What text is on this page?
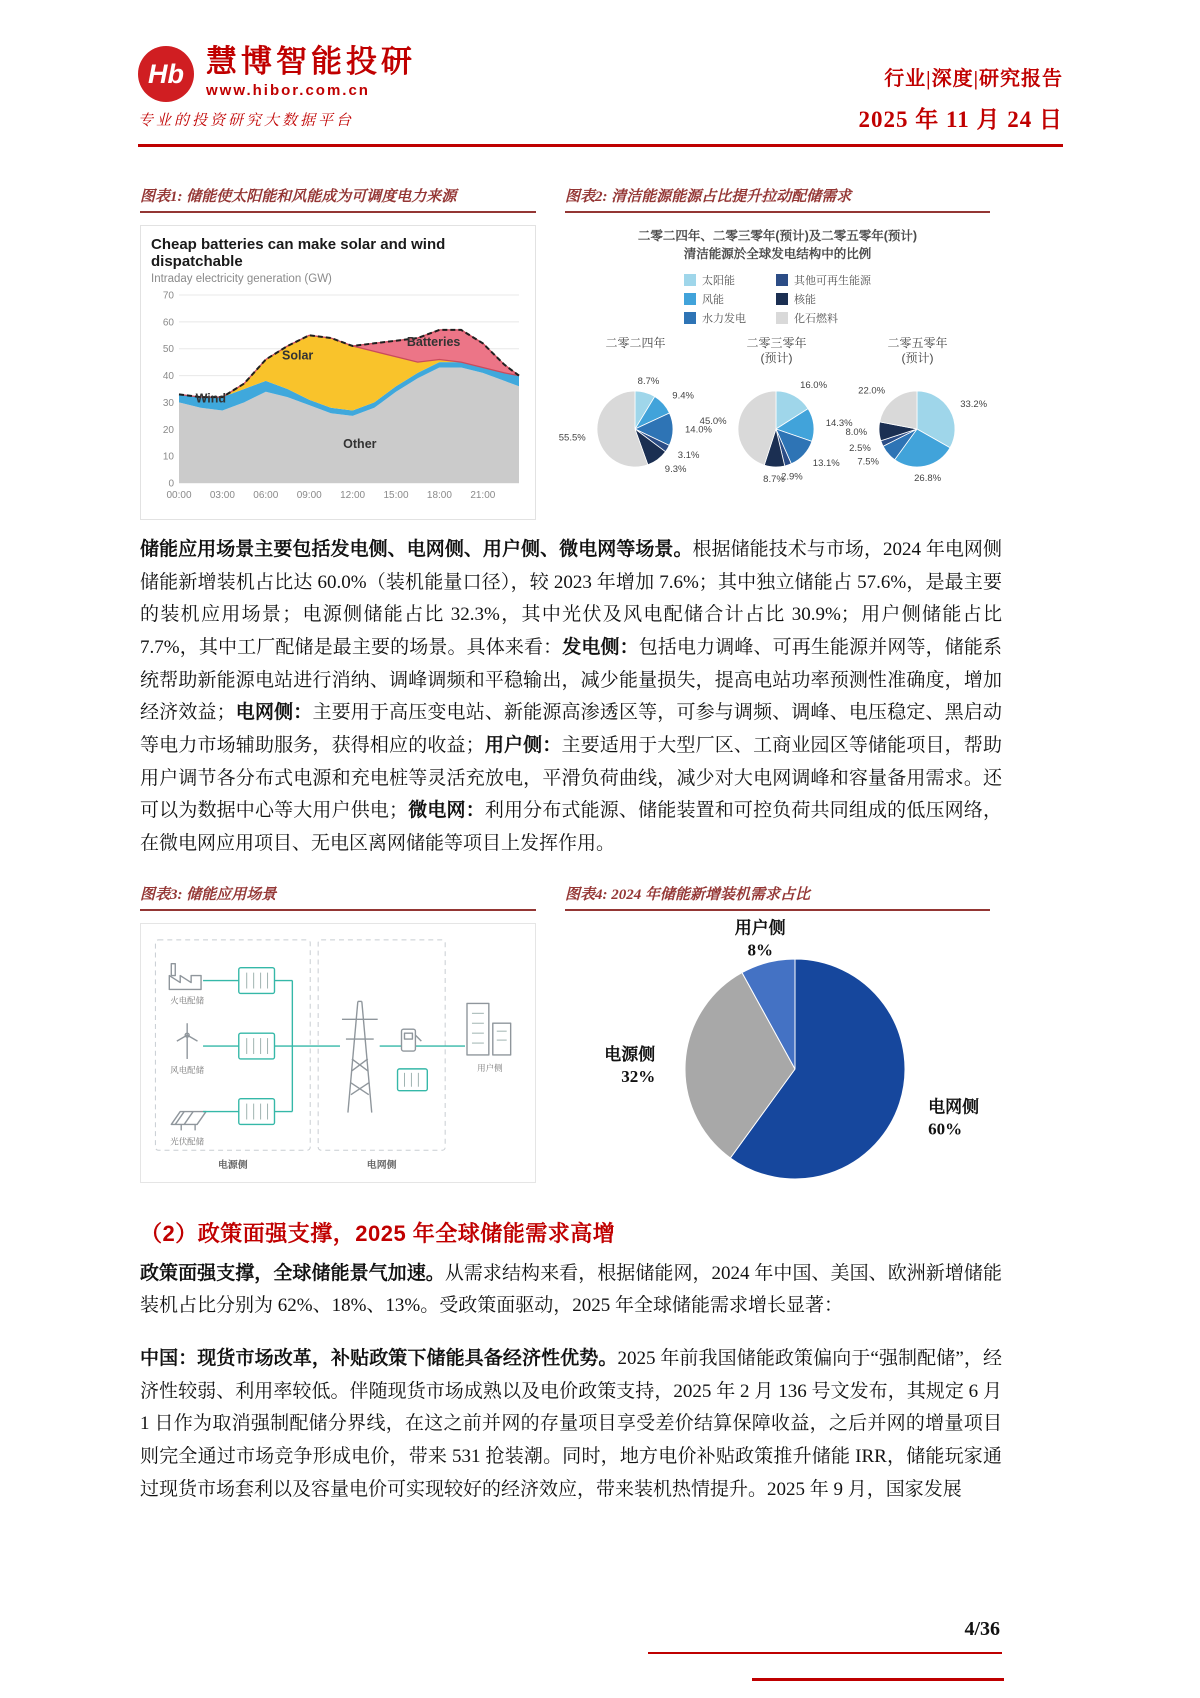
Hb 慧博智能投研
www.hibor.com.cn
专业的投资研究大数据平台
行业|深度|研究报告
2025 年 11 月 24 日
图表1: 储能使太阳能和风能成为可调度电力来源
Cheap batteries can make solar and wind dispatchable
Intraday electricity generation (GW)
0
10
20
30
40
50
60
70
00:00 03:00 06:00 09:00 12:00 15:00 18:00 21:00
Wind
Solar
Batteries
Other
图表2: 清洁能源能源占比提升拉动配储需求
二零二四年、二零三零年(预计)及二零五零年(预计)
清洁能源於全球发电结构中的比例
太阳能
风能
水力发电
其他可再生能源
核能
化石燃料
二零二四年
8.7%
9.4%
14.0%
3.1%
9.3%
55.5%
二零三零年
(预计)
16.0%
14.3%
13.1%
2.9%
8.7%
45.0%
二零五零年
(预计)
33.2%
26.8%
7.5%
2.5%
8.0%
22.0%

储能应用场景主要包括发电侧、电网侧、用户侧、微电网等场景。根据储能技术与市场，2024 年电网侧储能新增装机占比达 60.0%（装机能量口径），较 2023 年增加 7.6%；其中独立储能占 57.6%，是最主要的装机应用场景；电源侧储能占比 32.3%，其中光伏及风电配储合计占比 30.9%；用户侧储能占比 7.7%，其中工厂配储是最主要的场景。具体来看：发电侧：包括电力调峰、可再生能源并网等，储能系统帮助新能源电站进行消纳、调峰调频和平稳输出，减少能量损失，提高电站功率预测性准确度，增加经济效益；电网侧：主要用于高压变电站、新能源高渗透区等，可参与调频、调峰、电压稳定、黑启动等电力市场辅助服务，获得相应的收益；用户侧：主要适用于大型厂区、工商业园区等储能项目，帮助用户调节各分布式电源和充电桩等灵活充放电，平滑负荷曲线，减少对大电网调峰和容量备用需求。还可以为数据中心等大用户供电；微电网：利用分布式能源、储能装置和可控负荷共同组成的低压网络，在微电网应用项目、无电区离网储能等项目上发挥作用。

图表3: 储能应用场景
火电配储
风电配储
光伏配储
用户侧
电源侧	电网侧
图表4: 2024 年储能新增装机需求占比
电网侧 60%
电源侧 32%
用户侧 8%
（2）政策面强支撑，2025 年全球储能需求高增

政策面强支撑，全球储能景气加速。从需求结构来看，根据储能网，2024 年中国、美国、欧洲新增储能装机占比分别为 62%、18%、13%。受政策面驱动，2025 年全球储能需求增长显著：

中国：现货市场改革，补贴政策下储能具备经济性优势。2025 年前我国储能政策偏向于“强制配储”，经济性较弱、利用率较低。伴随现货市场成熟以及电价政策支持，2025 年 2 月 136 号文发布，其规定 6 月 1 日作为取消强制配储分界线，在这之前并网的存量项目享受差价结算保障收益，之后并网的增量项目则完全通过市场竞争形成电价，带来 531 抢装潮。同时，地方电价补贴政策推升储能 IRR，储能玩家通过现货市场套利以及容量电价可实现较好的经济效应，带来装机热情提升。2025 年 9 月，国家发展

4/36
